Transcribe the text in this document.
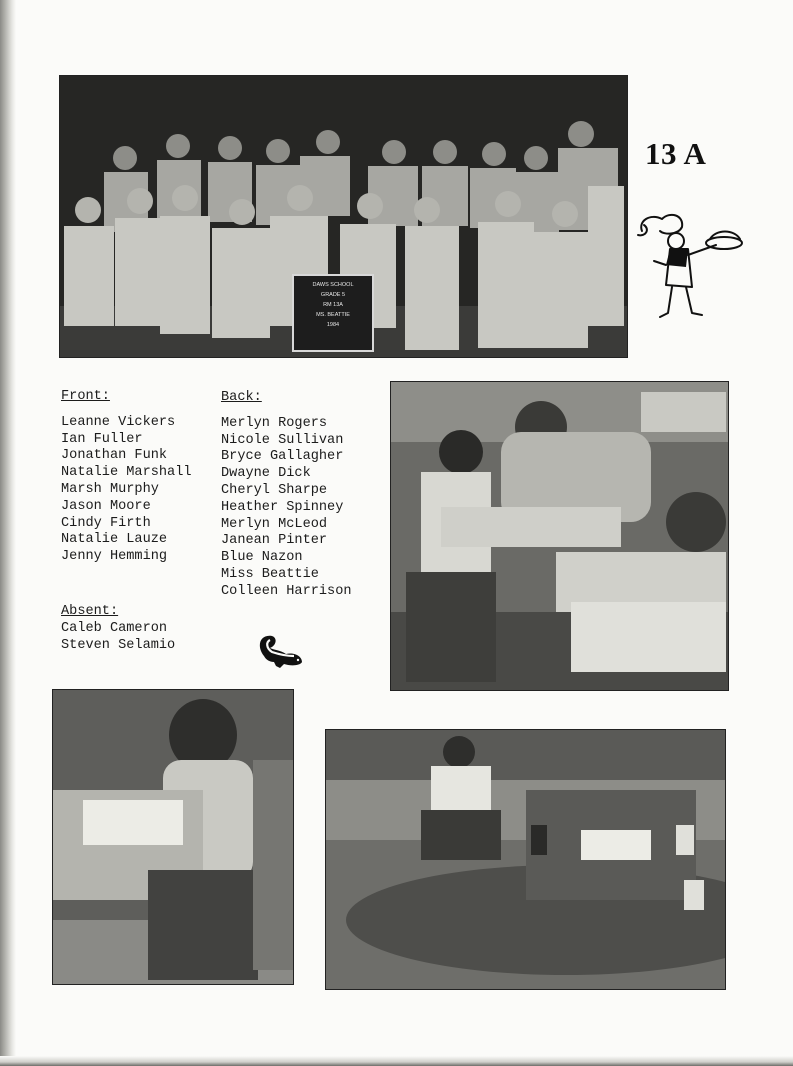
DAWS SCHOOL
GRADE 5
RM 13A
MS. BEATTIE
1984
13 A
Front:
Leanne Vickers
Ian Fuller
Jonathan Funk
Natalie Marshall
Marsh Murphy
Jason Moore
Cindy Firth
Natalie Lauze
Jenny Hemming
Back:
Merlyn Rogers
Nicole Sullivan
Bryce Gallagher
Dwayne Dick
Cheryl Sharpe
Heather Spinney
Merlyn McLeod
Janean Pinter
Blue Nazon
Miss Beattie
Colleen Harrison
Absent:
Caleb Cameron
Steven Selamio
